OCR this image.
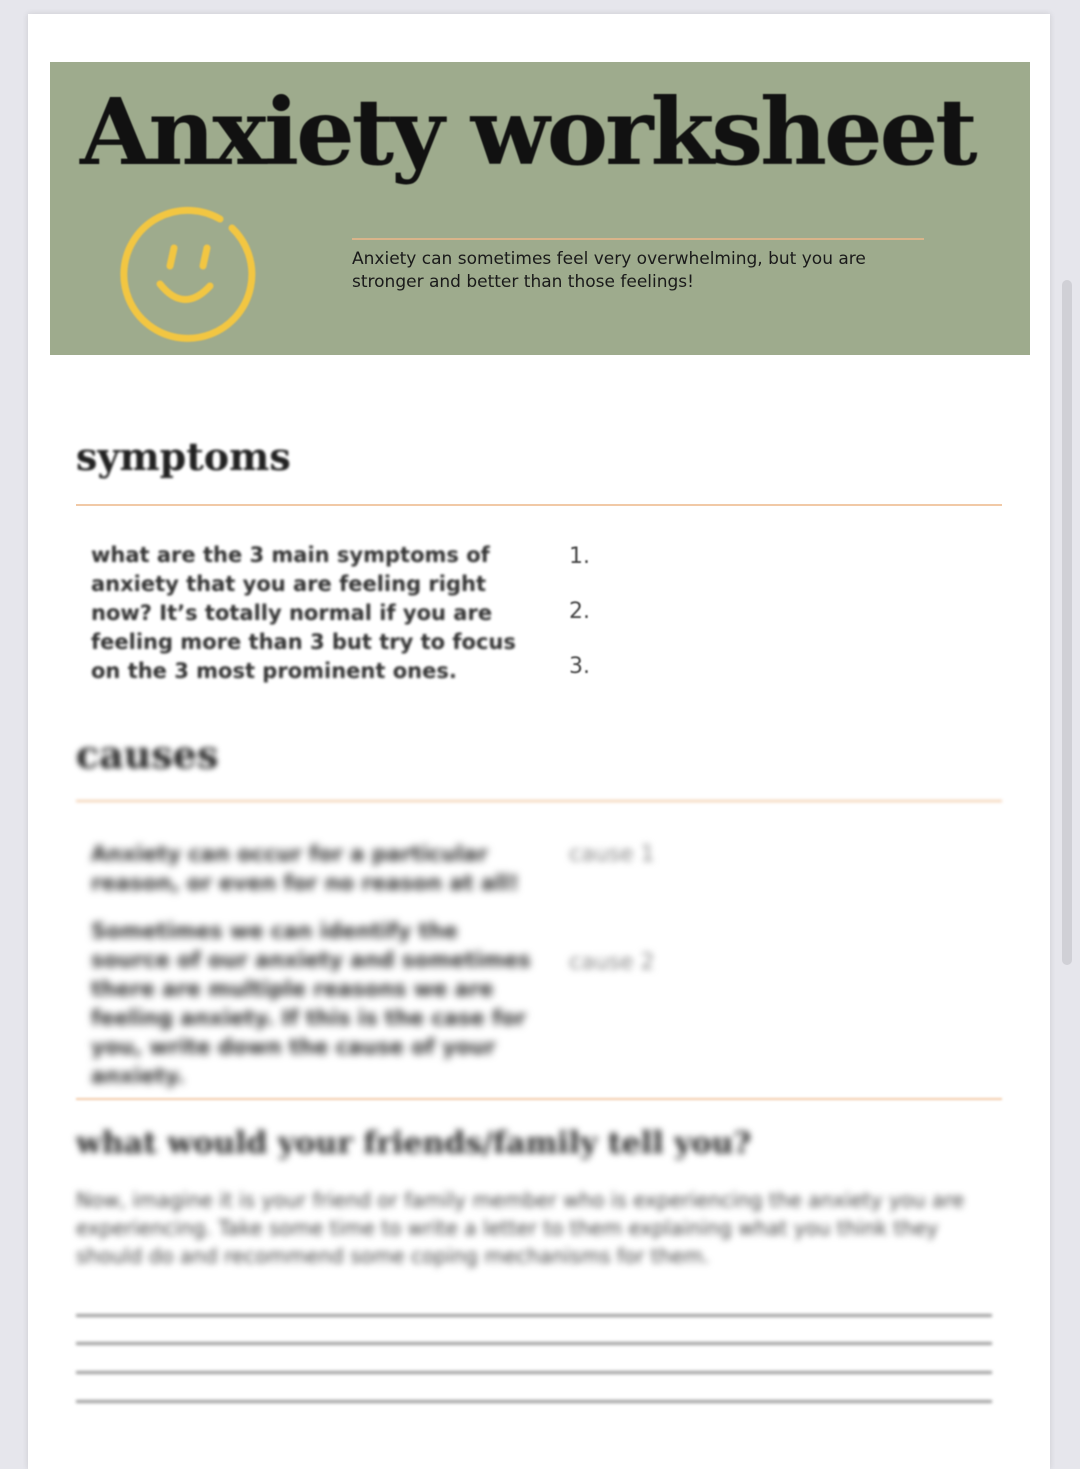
Anxiety worksheet
Anxiety can sometimes feel very overwhelming, but you are stronger and better than those feelings!
symptoms
what are the 3 main symptoms of anxiety that you are feeling right now? It’s totally normal if you are feeling more than 3 but try to focus on the 3 most prominent ones.
1.
2.
3.
causes
Anxiety can occur for a particular reason, or even for no reason at all!
Sometimes we can identify the source of our anxiety and sometimes there are multiple reasons we are feeling anxiety. If this is the case for you, write down the cause of your anxiety.
cause 1
cause 2
what would your friends/family tell you?
Now, imagine it is your friend or family member who is experiencing the anxiety you are experiencing. Take some time to write a letter to them explaining what you think they should do and recommend some coping mechanisms for them.
